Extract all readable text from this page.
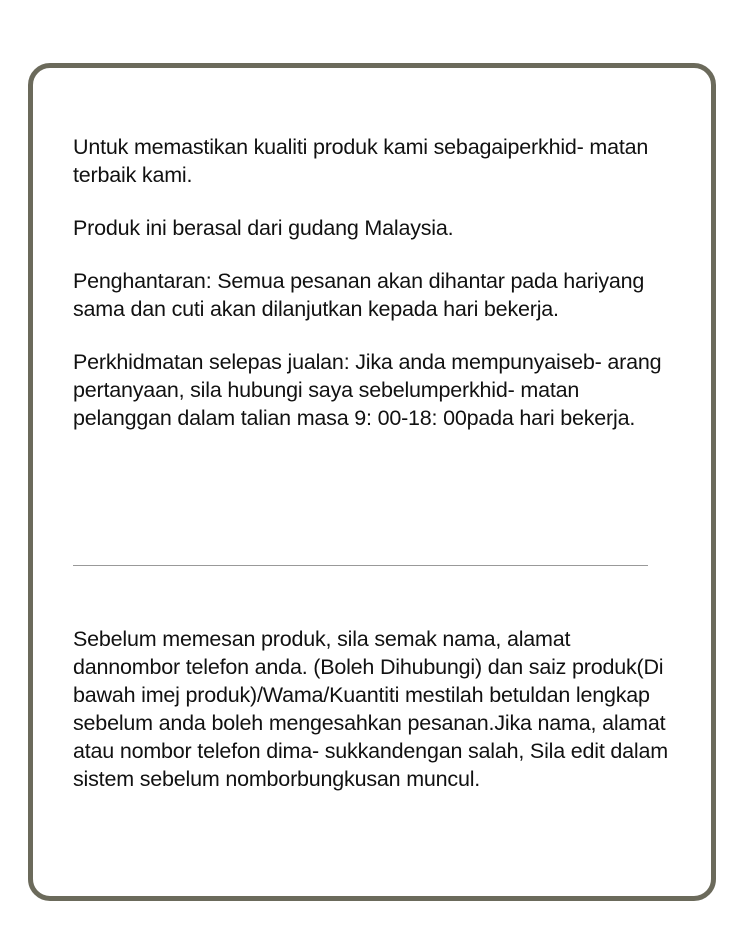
Untuk memastikan kualiti produk kami sebagaiperkhid- matan terbaik kami.

Produk ini berasal dari gudang Malaysia.

Penghantaran: Semua pesanan akan dihantar pada hariyang sama dan cuti akan dilanjutkan kepada hari bekerja.

Perkhidmatan selepas jualan: Jika anda mempunyaiseb- arang pertanyaan, sila hubungi saya sebelumperkhid- matan pelanggan dalam talian masa 9: 00-18: 00pada hari bekerja.

Sebelum memesan produk, sila semak nama, alamat dannombor telefon anda. (Boleh Dihubungi) dan saiz produk(Di bawah imej produk)/Wama/Kuantiti mestilah betuldan lengkap sebelum anda boleh mengesahkan pesanan.Jika nama, alamat atau nombor telefon dima- sukkandengan salah, Sila edit dalam sistem sebelum nomborbungkusan muncul.
